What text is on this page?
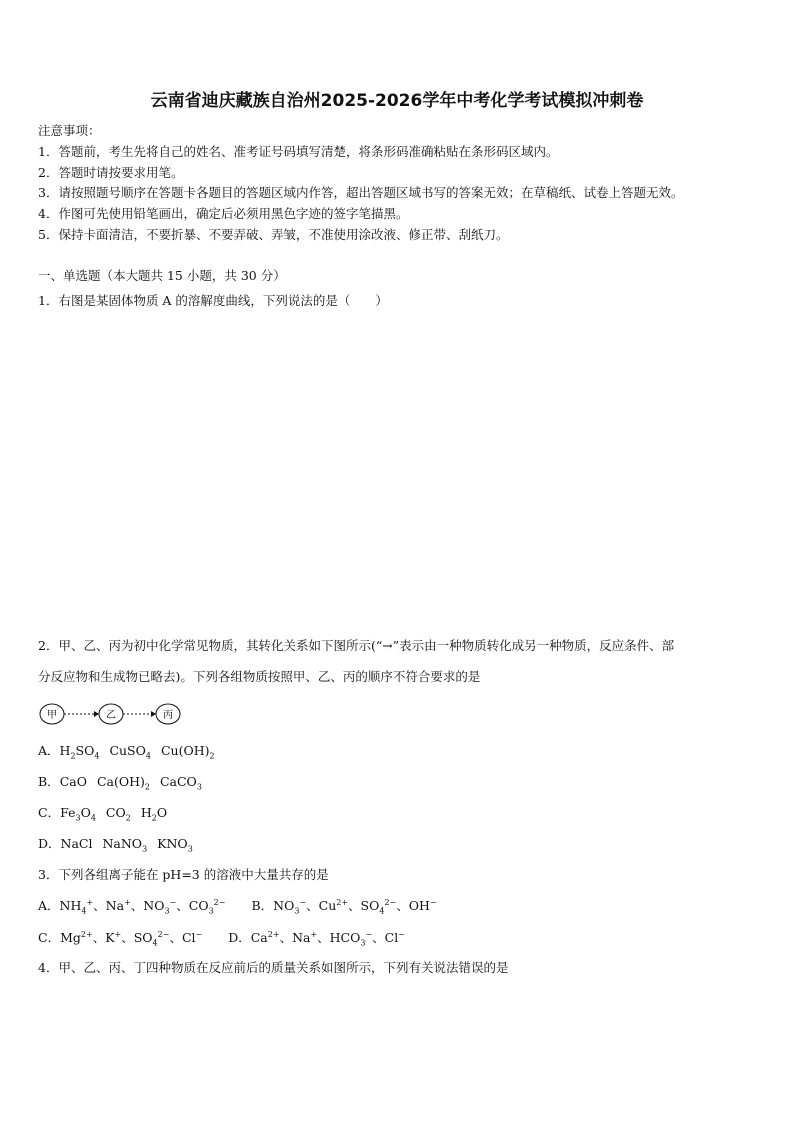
云南省迪庆藏族自治州2025-2026学年中考化学考试模拟冲刺卷
注意事项：
1．答题前，考生先将自己的姓名、准考证号码填写清楚，将条形码准确粘贴在条形码区域内。
2．答题时请按要求用笔。
3．请按照题号顺序在答题卡各题目的答题区域内作答，超出答题区域书写的答案无效；在草稿纸、试卷上答题无效。
4．作图可先使用铅笔画出，确定后必须用黑色字迹的签字笔描黑。
5．保持卡面清洁，不要折暴、不要弄破、弄皱，不准使用涂改液、修正带、刮纸刀。
一、单选题（本大题共 15 小题，共 30 分）
1．右图是某固体物质 A 的溶解度曲线，下列说法的是（　　）
2．甲、乙、丙为初中化学常见物质，其转化关系如下图所示(“→”表示由一种物质转化成另一种物质，反应条件、部
分反应物和生成物已略去)。下列各组物质按照甲、乙、丙的顺序不符合要求的是
甲	乙	丙
A．$H_2SO_4$ CuSO$_4$ $Cu(OH)_2$
B．CaO $Ca(OH)_2$ CaCO$_3$
C．$Fe_3O_4$ $CO_2$ $H_2O$
D．NaCl NaNO$_3$ $KNO_3$
3．下列各组离子能在 pH=3 的溶液中大量共存的是
A．$NH_4^+$、Na+、$NO_3^-$、$CO_3^{2-}$ B．$NO_3^-$、$Cu^{2+}$、$SO_4^{2-}$、OH−
C．$Mg^{2+}$、K+、$SO_4^{2-}$、Cl− D．$Ca^{2+}$、Na+、$HCO_3^-$、Cl−
4．甲、乙、丙、丁四种物质在反应前后的质量关系如图所示，下列有关说法错误的是
